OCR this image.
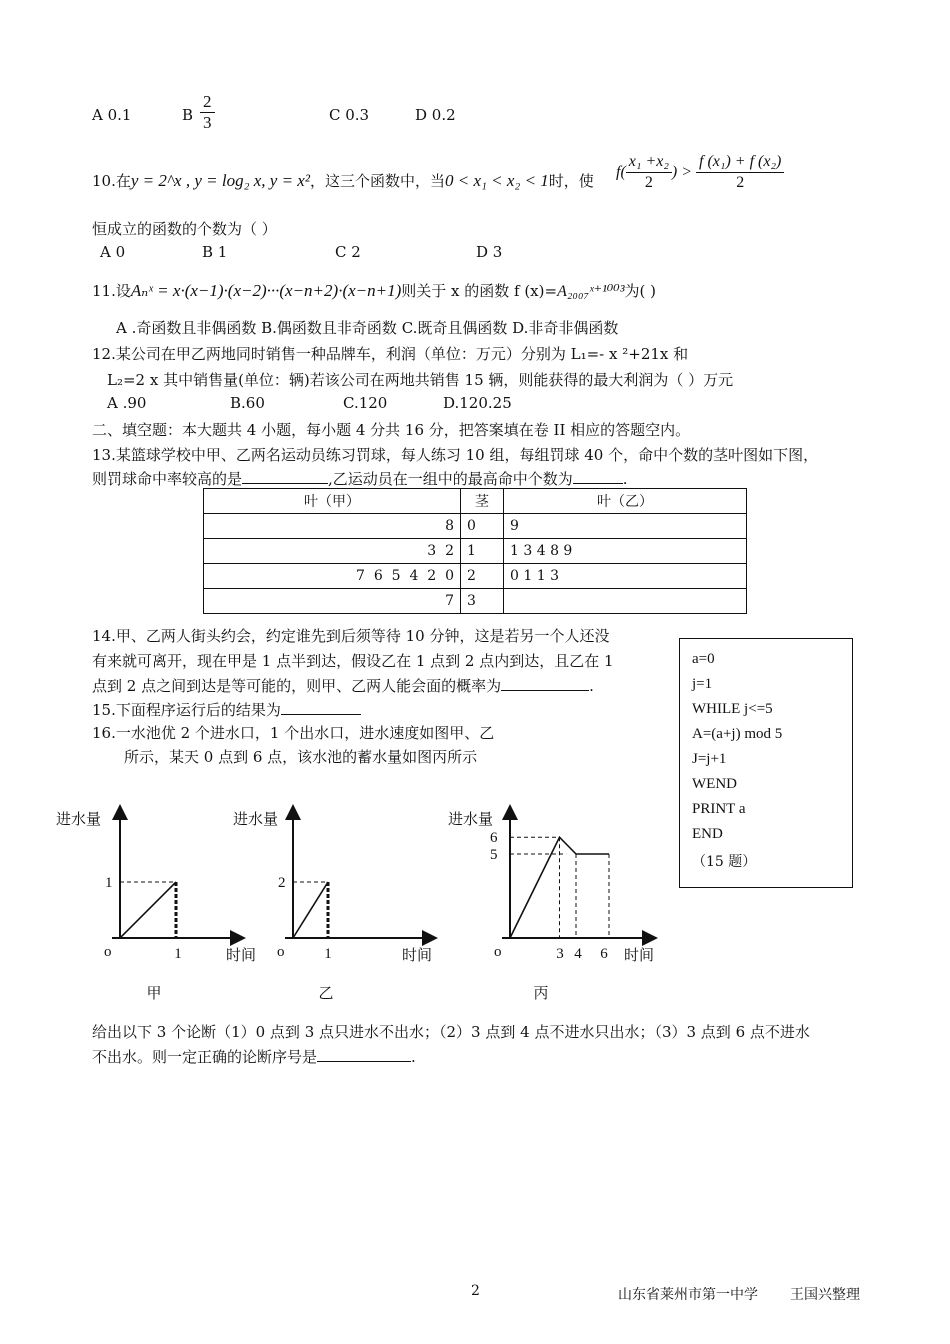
A 0.1	B $\frac{2}{3}$	C 0.3	D 0.2
10.在y = 2^x , y = log₂ x, y = x²，这三个函数中，当0 < x₁ < x₂ < 1时，使 $f( \frac{\text{x₁ +x₂}}{2}$ ) > $\frac{\text{f (x₁) + f (x₂)}}{2}$
恒成立的函数的个数为（ ）
A 0	B 1	C 2	D 3
11.设Aₙˣ = x·(x−1)·(x−2)···(x−n+2)·(x−n+1)则关于 x 的函数 f (x)=A₂₀₀₇ˣ⁺¹⁰⁰³为( )
A .奇函数且非偶函数 B.偶函数且非奇函数 C.既奇且偶函数 D.非奇非偶函数
12.某公司在甲乙两地同时销售一种品牌车，利润（单位：万元）分别为 L₁=- x ²+21x 和
L₂=2 x 其中销售量(单位：辆)若该公司在两地共销售 15 辆，则能获得的最大利润为（ ）万元
A .90	B.60	C.120	D.120.25
二、填空题：本大题共 4 小题，每小题 4 分共 16 分，把答案填在卷 II 相应的答题空内。
13.某篮球学校中甲、乙两名运动员练习罚球，每人练习 10 组，每组罚球 40 个，命中个数的茎叶图如下图，
则罚球命中率较高的是	,乙运动员在一组中的最高命中个数为	.
叶（甲）	茎	叶（乙）
8	0	9
3  2	1	1 3 4 8 9
7  6  5  4  2  0	2	0 1 1 3
7	3	
14.甲、乙两人街头约会，约定谁先到后须等待 10 分钟，这是若另一个人还没
有来就可离开，现在甲是 1 点半到达，假设乙在 1 点到 2 点内到达，且乙在 1
点到 2 点之间到达是等可能的，则甲、乙两人能会面的概率为	.
15.下面程序运行后的结果为
16.一水池优 2 个进水口，1 个出水口，进水速度如图甲、乙
所示，某天 0 点到 6 点，该水池的蓄水量如图丙所示
a=0
j=1
WHILE j<=5
A=(a+j) mod 5
J=j+1
WEND
PRINT a
END
（15 题）
进水量
时间
o
甲
1
1
进水量
时间
o
乙
2
1
进水量
时间
o
丙
6
5
3 4 6
给出以下 3 个论断（1）0 点到 3 点只进水不出水；（2）3 点到 4 点不进水只出水；（3）3 点到 6 点不进水
不出水。则一定正确的论断序号是	.
2	山东省莱州市第一中学 王国兴整理
